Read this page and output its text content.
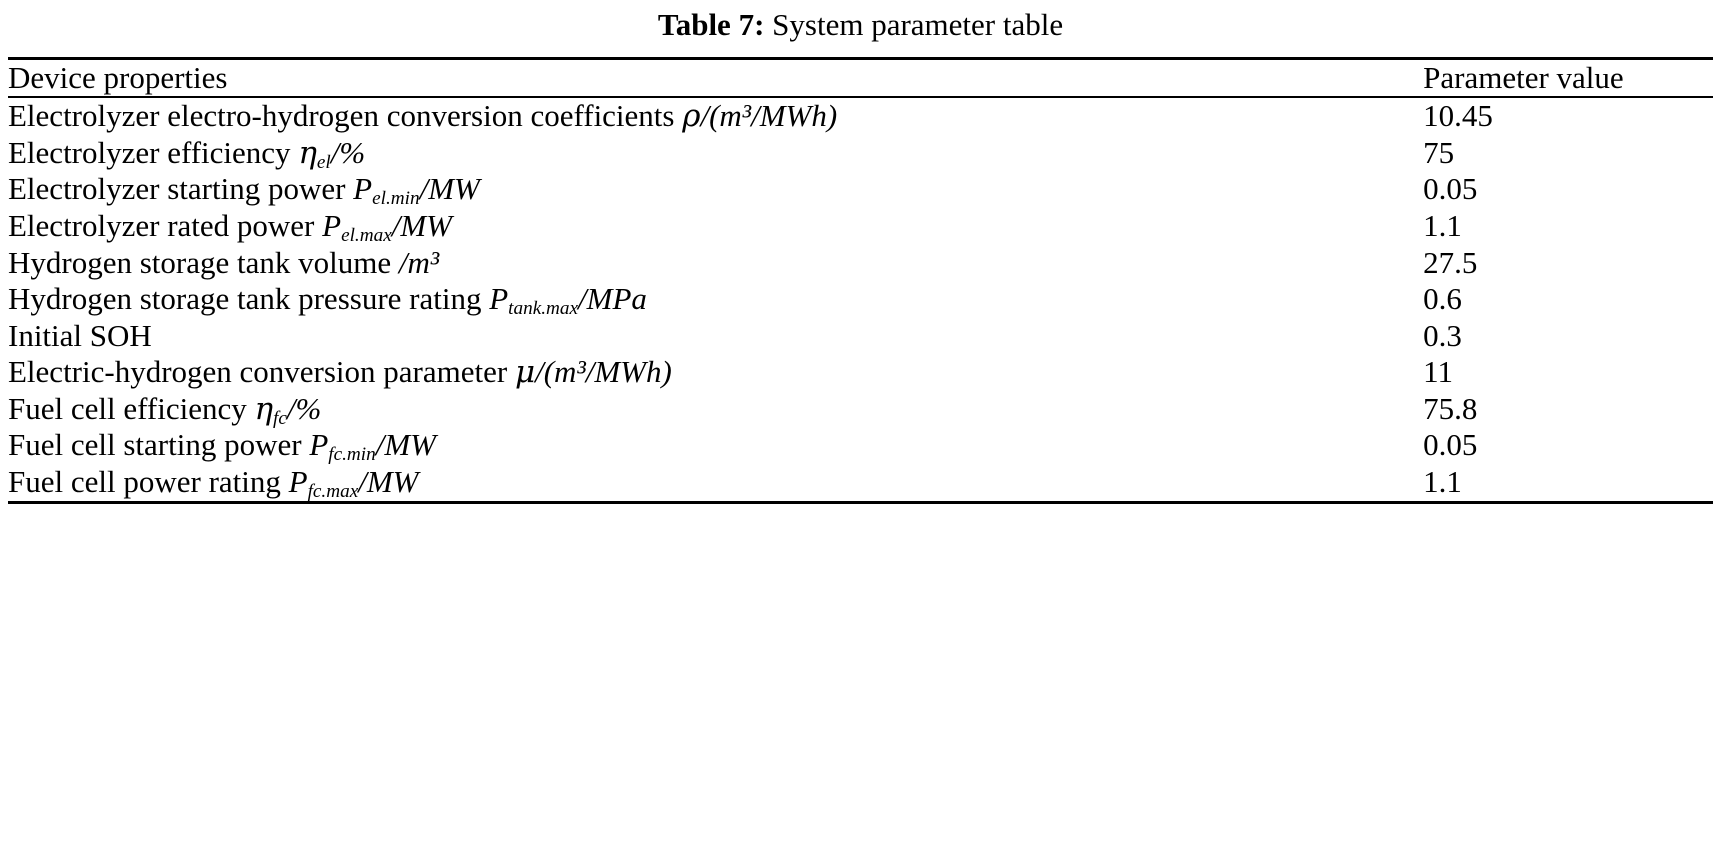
Table 7: System parameter table
Device properties	Parameter value
Electrolyzer electro-hydrogen conversion coefficients ρ/(m³/MWh)	10.45
Electrolyzer efficiency ηel/%	75
Electrolyzer starting power Pel.min/MW	0.05
Electrolyzer rated power Pel.max/MW	1.1
Hydrogen storage tank volume /m³	27.5
Hydrogen storage tank pressure rating Ptank.max/MPa	0.6
Initial SOH	0.3
Electric-hydrogen conversion parameter μ/(m³/MWh)	11
Fuel cell efficiency ηfc/%	75.8
Fuel cell starting power Pfc.min/MW	0.05
Fuel cell power rating Pfc.max/MW	1.1
